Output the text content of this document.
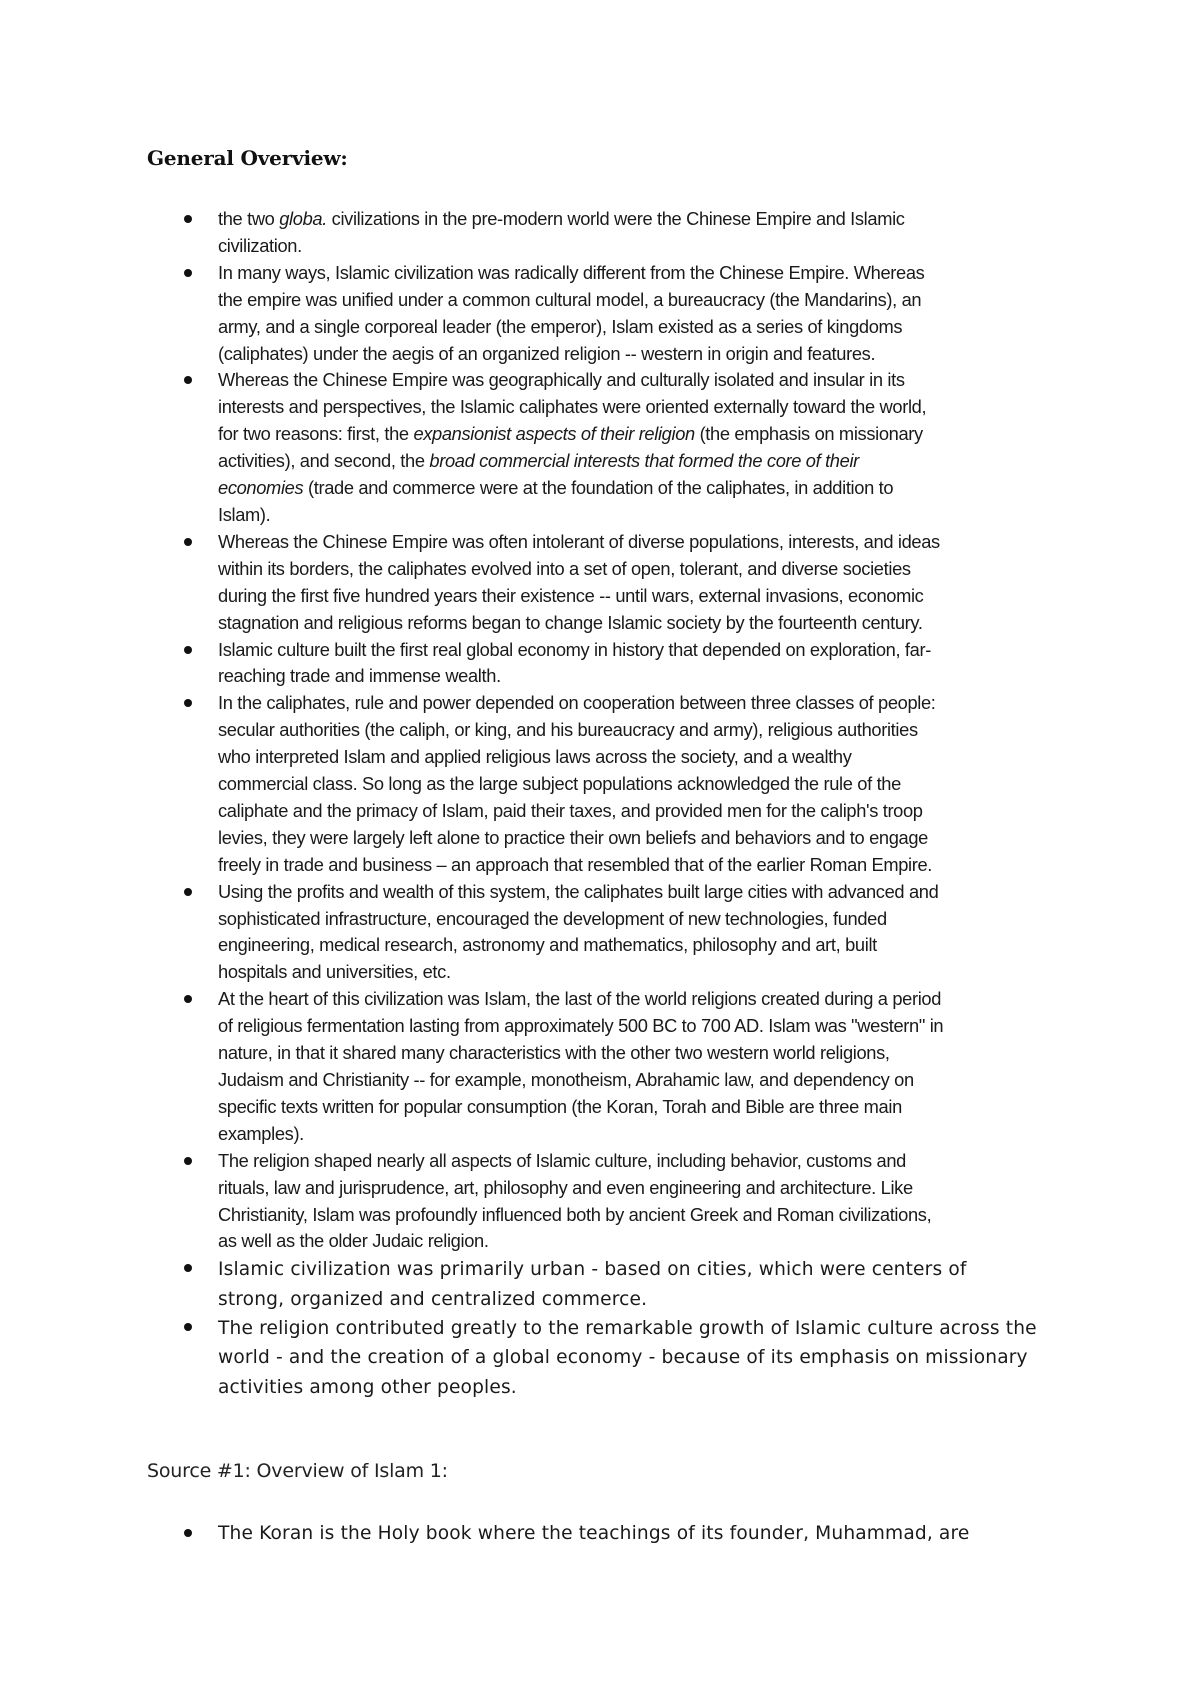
General Overview:
the two globa. civilizations in the pre-modern world were the Chinese Empire and Islamic
civilization.
In many ways, Islamic civilization was radically different from the Chinese Empire. Whereas
the empire was unified under a common cultural model, a bureaucracy (the Mandarins), an
army, and a single corporeal leader (the emperor), Islam existed as a series of kingdoms
(caliphates) under the aegis of an organized religion -- western in origin and features.
Whereas the Chinese Empire was geographically and culturally isolated and insular in its
interests and perspectives, the Islamic caliphates were oriented externally toward the world,
for two reasons: first, the expansionist aspects of their religion (the emphasis on missionary
activities), and second, the broad commercial interests that formed the core of their
economies (trade and commerce were at the foundation of the caliphates, in addition to
Islam).
Whereas the Chinese Empire was often intolerant of diverse populations, interests, and ideas
within its borders, the caliphates evolved into a set of open, tolerant, and diverse societies
during the first five hundred years their existence -- until wars, external invasions, economic
stagnation and religious reforms began to change Islamic society by the fourteenth century.
Islamic culture built the first real global economy in history that depended on exploration, far-
reaching trade and immense wealth.
In the caliphates, rule and power depended on cooperation between three classes of people:
secular authorities (the caliph, or king, and his bureaucracy and army), religious authorities
who interpreted Islam and applied religious laws across the society, and a wealthy
commercial class. So long as the large subject populations acknowledged the rule of the
caliphate and the primacy of Islam, paid their taxes, and provided men for the caliph's troop
levies, they were largely left alone to practice their own beliefs and behaviors and to engage
freely in trade and business – an approach that resembled that of the earlier Roman Empire.
Using the profits and wealth of this system, the caliphates built large cities with advanced and
sophisticated infrastructure, encouraged the development of new technologies, funded
engineering, medical research, astronomy and mathematics, philosophy and art, built
hospitals and universities, etc.
At the heart of this civilization was Islam, the last of the world religions created during a period
of religious fermentation lasting from approximately 500 BC to 700 AD. Islam was "western" in
nature, in that it shared many characteristics with the other two western world religions,
Judaism and Christianity -- for example, monotheism, Abrahamic law, and dependency on
specific texts written for popular consumption (the Koran, Torah and Bible are three main
examples).
The religion shaped nearly all aspects of Islamic culture, including behavior, customs and
rituals, law and jurisprudence, art, philosophy and even engineering and architecture. Like
Christianity, Islam was profoundly influenced both by ancient Greek and Roman civilizations,
as well as the older Judaic religion.
Islamic civilization was primarily urban - based on cities, which were centers of
strong, organized and centralized commerce.
The religion contributed greatly to the remarkable growth of Islamic culture across the
world - and the creation of a global economy - because of its emphasis on missionary
activities among other peoples.
Source #1: Overview of Islam 1:
The Koran is the Holy book where the teachings of its founder, Muhammad, are
